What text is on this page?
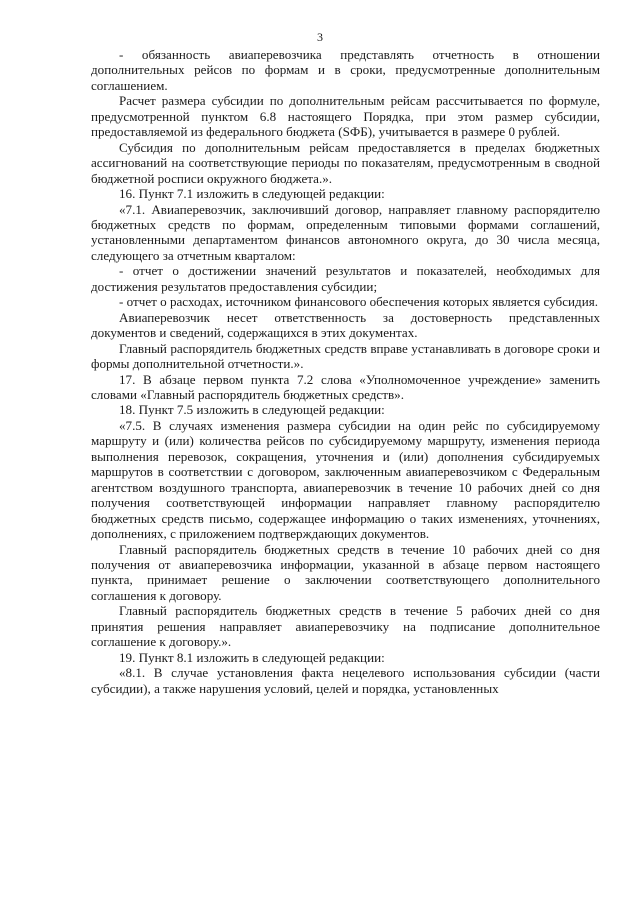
3

- обязанность авиаперевозчика представлять отчетность в отношении дополнительных рейсов по формам и в сроки, предусмотренные дополнительным соглашением.

Расчет размера субсидии по дополнительным рейсам рассчитывается по формуле, предусмотренной пунктом 6.8 настоящего Порядка, при этом размер субсидии, предоставляемой из федерального бюджета (SФБ), учитывается в размере 0 рублей.

Субсидия по дополнительным рейсам предоставляется в пределах бюджетных ассигнований на соответствующие периоды по показателям, предусмотренным в сводной бюджетной росписи окружного бюджета.».

16. Пункт 7.1 изложить в следующей редакции:

«7.1. Авиаперевозчик, заключивший договор, направляет главному распорядителю бюджетных средств по формам, определенным типовыми формами соглашений, установленными департаментом финансов автономного округа, до 30 числа месяца, следующего за отчетным кварталом:

- отчет о достижении значений результатов и показателей, необходимых для достижения результатов предоставления субсидии;

- отчет о расходах, источником финансового обеспечения которых является субсидия.

Авиаперевозчик несет ответственность за достоверность представленных документов и сведений, содержащихся в этих документах.

Главный распорядитель бюджетных средств вправе устанавливать в договоре сроки и формы дополнительной отчетности.».

17. В абзаце первом пункта 7.2 слова «Уполномоченное учреждение» заменить словами «Главный распорядитель бюджетных средств».

18. Пункт 7.5 изложить в следующей редакции:

«7.5. В случаях изменения размера субсидии на один рейс по субсидируемому маршруту и (или) количества рейсов по субсидируемому маршруту, изменения периода выполнения перевозок, сокращения, уточнения и (или) дополнения субсидируемых маршрутов в соответствии с договором, заключенным авиаперевозчиком с Федеральным агентством воздушного транспорта, авиаперевозчик в течение 10 рабочих дней со дня получения соответствующей информации направляет главному распорядителю бюджетных средств письмо, содержащее информацию о таких изменениях, уточнениях, дополнениях, с приложением подтверждающих документов.

Главный распорядитель бюджетных средств в течение 10 рабочих дней со дня получения от авиаперевозчика информации, указанной в абзаце первом настоящего пункта, принимает решение о заключении соответствующего дополнительного соглашения к договору.

Главный распорядитель бюджетных средств в течение 5 рабочих дней со дня принятия решения направляет авиаперевозчику на подписание дополнительное соглашение к договору.».

19. Пункт 8.1 изложить в следующей редакции:

«8.1. В случае установления факта нецелевого использования субсидии (части субсидии), а также нарушения условий, целей и порядка, установленных
